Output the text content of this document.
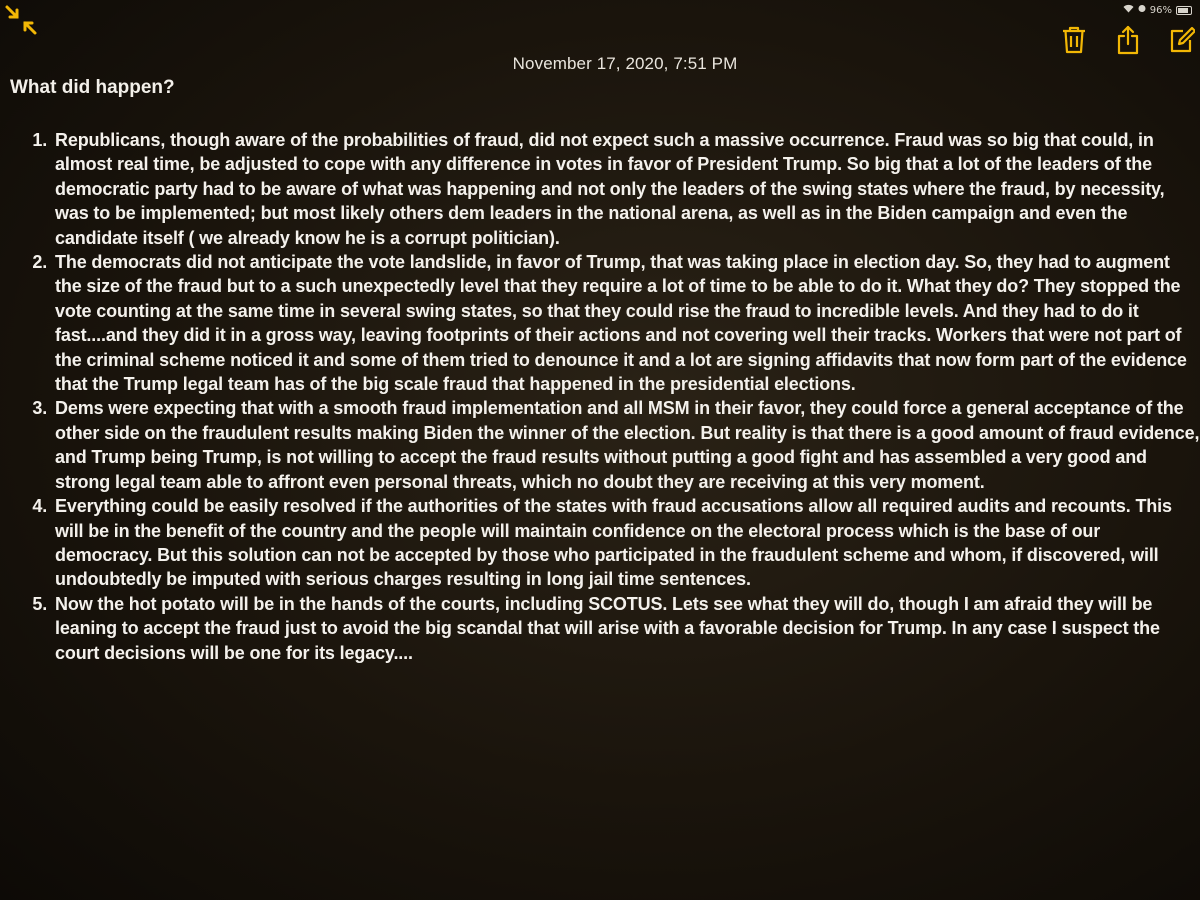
96%
November 17, 2020, 7:51 PM
What did happen?
1. Republicans, though aware of the probabilities of fraud, did not expect such a massive occurrence. Fraud was so big that could, in almost real time, be adjusted to cope with any difference in votes in favor of President Trump. So big that a lot of the leaders of the democratic party had to be aware of what was happening and not only the leaders of the swing states where the fraud, by necessity, was to be implemented; but most likely others dem leaders in the national arena, as well as in the Biden campaign and even the candidate itself ( we already know he is a corrupt politician).
2. The democrats did not anticipate the vote landslide, in favor of Trump, that was taking place in election day. So, they had to augment the size of the fraud but to a such unexpectedly level that they require a lot of time to be able to do it. What they do? They stopped the vote counting at the same time in several swing states, so that they could rise the fraud to incredible levels. And they had to do it fast....and they did it in a gross way, leaving footprints of their actions and not covering well their tracks. Workers that were not part of the criminal scheme noticed it and some of them tried to denounce it and a lot are signing affidavits that now form part of the evidence that the Trump legal team has of the big scale fraud that happened in the presidential elections.
3. Dems were expecting that with a smooth fraud implementation and all MSM in their favor, they could force a general acceptance of the other side on the fraudulent results making Biden the winner of the election. But reality is that there is a good amount of fraud evidence, and Trump being Trump, is not willing to accept the fraud results without putting a good fight and has assembled a very good and strong legal team able to affront even personal threats, which no doubt they are receiving at this very moment.
4. Everything could be easily resolved if the authorities of the states with fraud accusations allow all required audits and recounts. This will be in the benefit of the country and the people will maintain confidence on the electoral process which is the base of our democracy. But this solution can not be accepted by those who participated in the fraudulent scheme and whom, if discovered, will undoubtedly be imputed with serious charges resulting in long jail time sentences.
5. Now the hot potato will be in the hands of the courts, including SCOTUS. Lets see what they will do, though I am afraid they will be leaning to accept the fraud just to avoid the big scandal that will arise with a favorable decision for Trump. In any case I suspect the court decisions will be one for its legacy....
